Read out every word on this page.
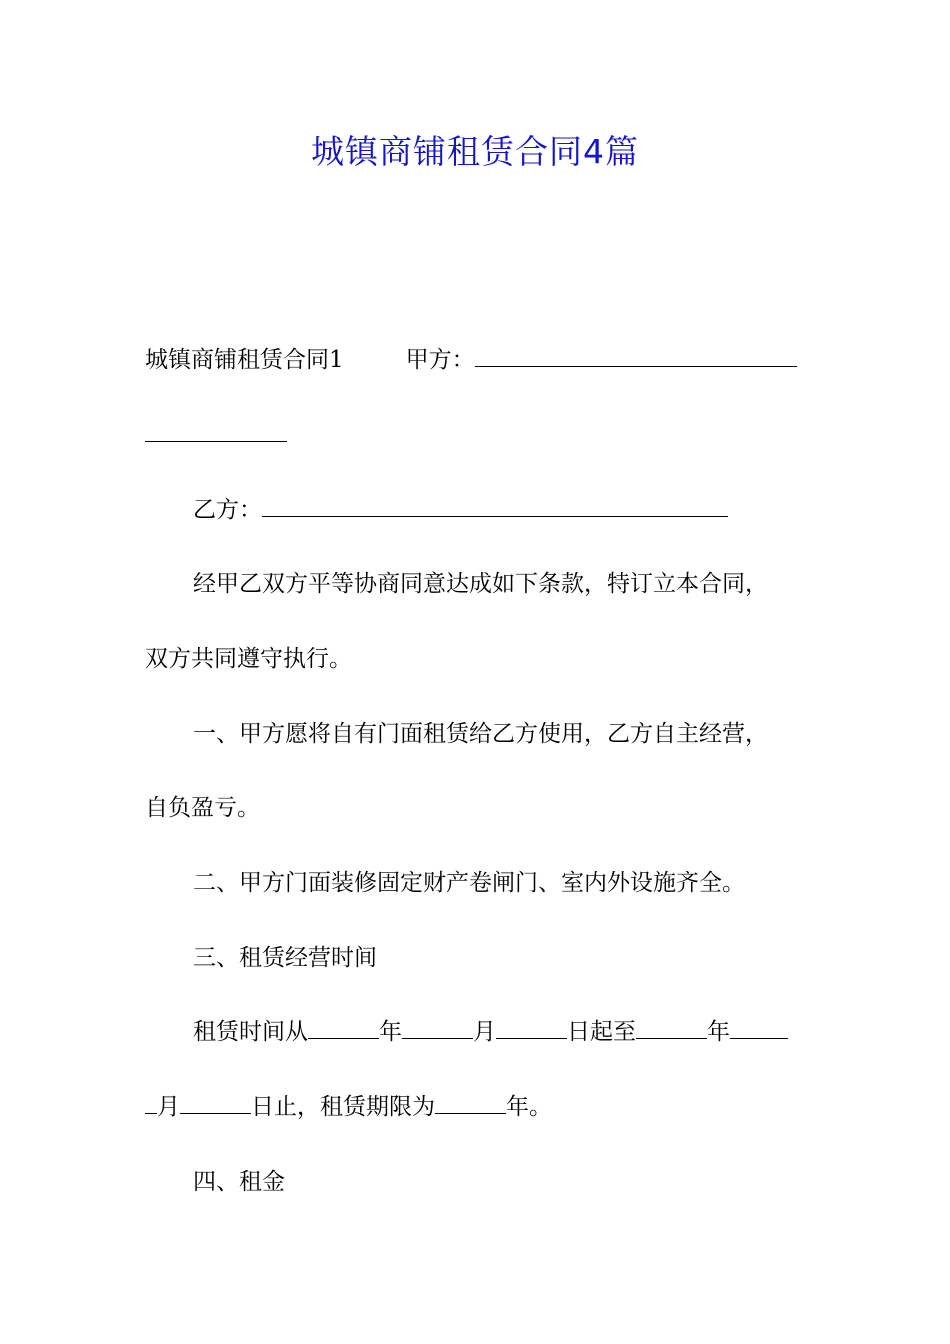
城镇商铺租赁合同4篇
城镇商铺租赁合同1	甲方：
乙方：
经甲乙双方平等协商同意达成如下条款，特订立本合同，
双方共同遵守执行。
一、甲方愿将自有门面租赁给乙方使用，乙方自主经营，
自负盈亏。
二、甲方门面装修固定财产卷闸门、室内外设施齐全。
三、租赁经营时间
租赁时间从	年	月	日起至	年
月	日止，租赁期限为	年。
四、租金
